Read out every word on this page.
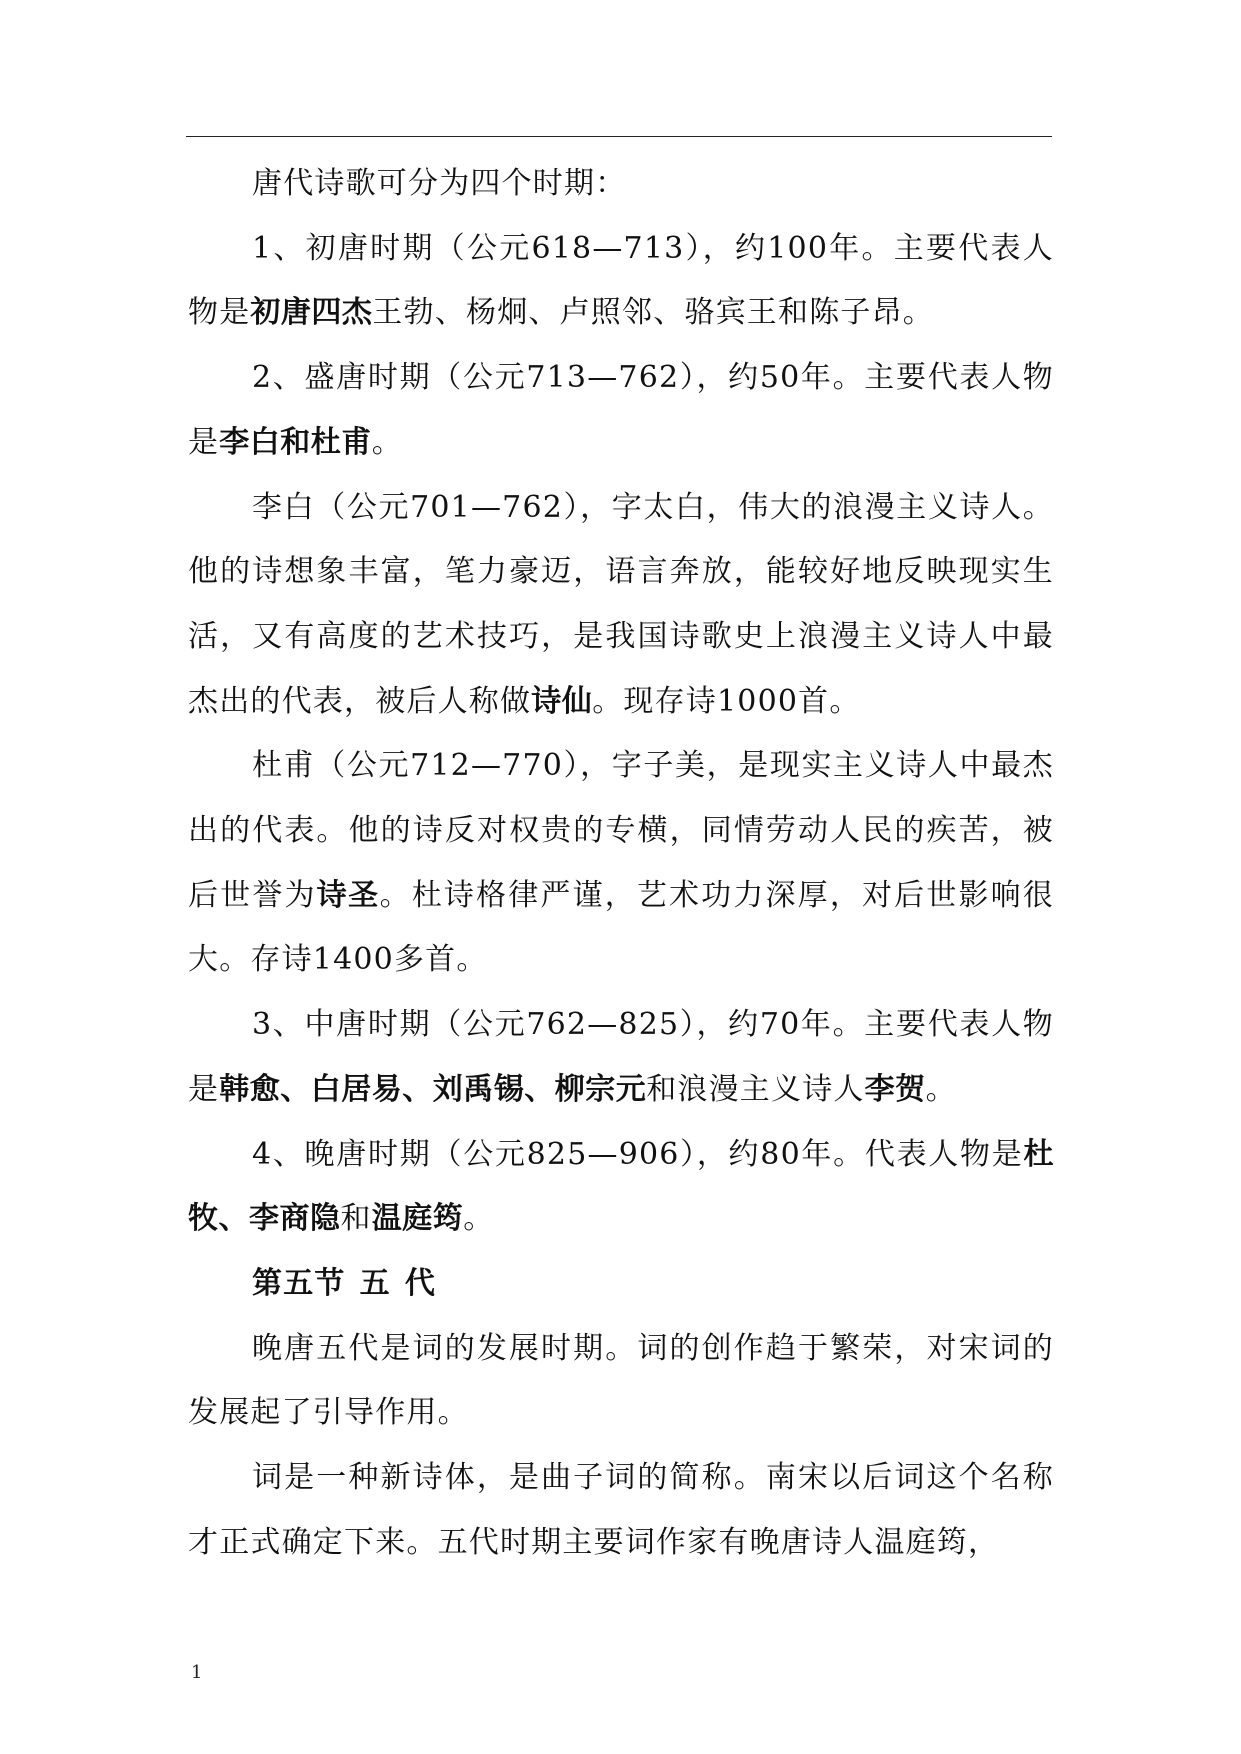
唐代诗歌可分为四个时期：

1、初唐时期（公元618—713），约100年。主要代表人物是初唐四杰王勃、杨炯、卢照邻、骆宾王和陈子昂。

2、盛唐时期（公元713—762），约50年。主要代表人物是李白和杜甫。

李白（公元701—762），字太白，伟大的浪漫主义诗人。他的诗想象丰富，笔力豪迈，语言奔放，能较好地反映现实生活，又有高度的艺术技巧，是我国诗歌史上浪漫主义诗人中最杰出的代表，被后人称做诗仙。现存诗1000首。

杜甫（公元712—770），字子美，是现实主义诗人中最杰出的代表。他的诗反对权贵的专横，同情劳动人民的疾苦，被后世誉为诗圣。杜诗格律严谨，艺术功力深厚，对后世影响很大。存诗1400多首。

3、中唐时期（公元762—825），约70年。主要代表人物是韩愈、白居易、刘禹锡、柳宗元和浪漫主义诗人李贺。

4、晚唐时期（公元825—906），约80年。代表人物是杜牧、李商隐和温庭筠。

第五节 五 代

晚唐五代是词的发展时期。词的创作趋于繁荣，对宋词的发展起了引导作用。

词是一种新诗体，是曲子词的简称。南宋以后词这个名称才正式确定下来。五代时期主要词作家有晚唐诗人温庭筠，

1
